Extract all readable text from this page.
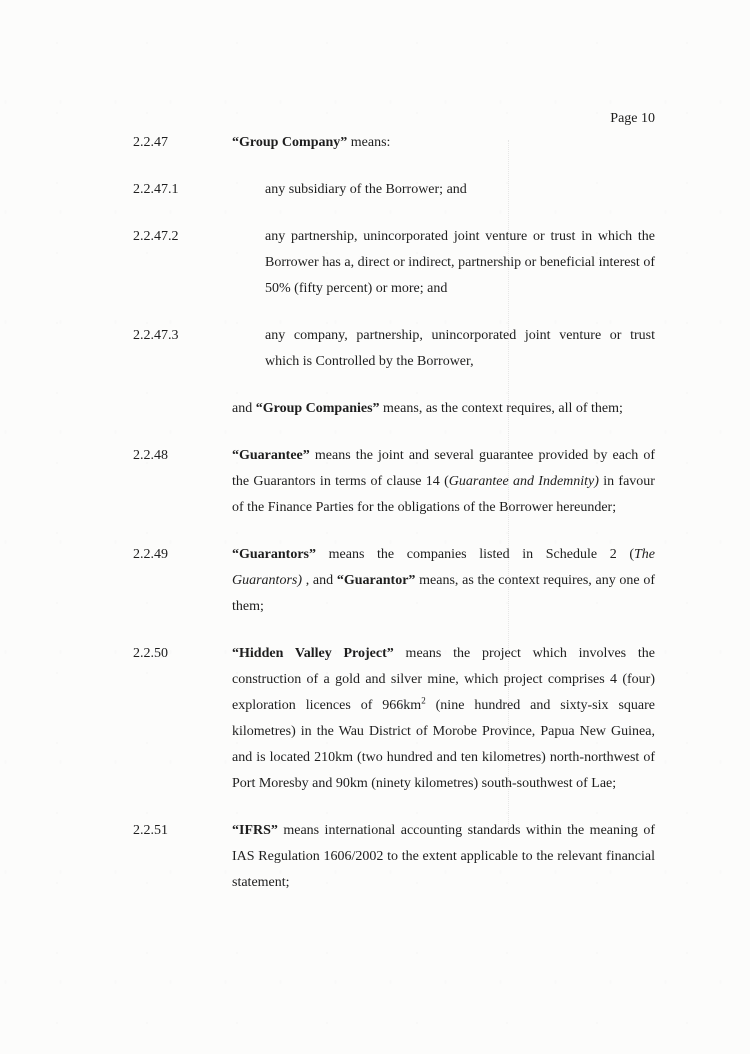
Page 10
2.2.47	“Group Company” means:
2.2.47.1	any subsidiary of the Borrower; and
2.2.47.2	any partnership, unincorporated joint venture or trust in which the Borrower has a, direct or indirect, partnership or beneficial interest of 50% (fifty percent) or more; and
2.2.47.3	any company, partnership, unincorporated joint venture or trust which is Controlled by the Borrower,
and “Group Companies” means, as the context requires, all of them;
2.2.48	“Guarantee” means the joint and several guarantee provided by each of the Guarantors in terms of clause 14 (Guarantee and Indemnity) in favour of the Finance Parties for the obligations of the Borrower hereunder;
2.2.49	“Guarantors” means the companies listed in Schedule 2 (The Guarantors) , and “Guarantor” means, as the context requires, any one of them;
2.2.50	“Hidden Valley Project” means the project which involves the construction of a gold and silver mine, which project comprises 4 (four) exploration licences of $966km^2$ (nine hundred and sixty-six square kilometres) in the Wau District of Morobe Province, Papua New Guinea, and is located 210km (two hundred and ten kilometres) north-northwest of Port Moresby and 90km (ninety kilometres) south-southwest of Lae;
2.2.51	“IFRS” means international accounting standards within the meaning of IAS Regulation 1606/2002 to the extent applicable to the relevant financial statement;
